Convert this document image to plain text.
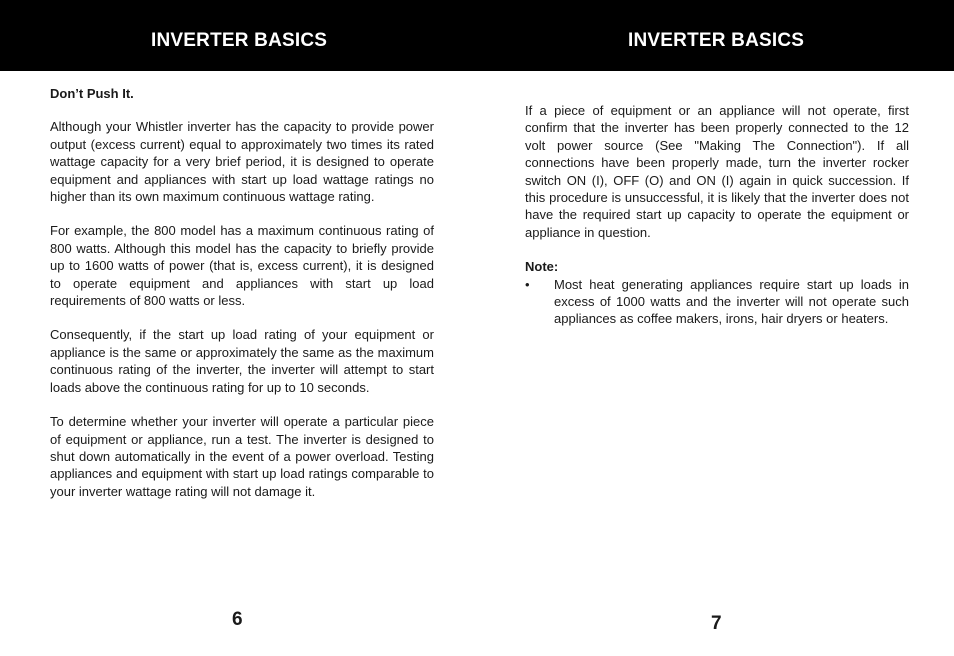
INVERTER BASICS	INVERTER BASICS
Don’t Push It.

Although your Whistler inverter has the capacity to provide power output (excess current) equal to approximately two times its rated wattage capacity for a very brief period, it is designed to operate equipment and appliances with start up load wattage ratings no higher than its own maximum continuous wattage rating.

For example, the 800 model has a maximum continuous rating of 800 watts. Although this model has the capacity to briefly provide up to 1600 watts of power (that is, excess current), it is designed to operate equipment and appliances with start up load requirements of 800 watts or less.

Consequently, if the start up load rating of your equipment or appliance is the same or approximately the same as the maximum continuous rating of the inverter, the inverter will attempt to start loads above the continuous rating for up to 10 seconds.

To determine whether your inverter will operate a particular piece of equipment or appliance, run a test. The inverter is designed to shut down automatically in the event of a power overload. Testing appliances and equipment with start up load ratings comparable to your inverter wattage rating will not damage it.

If a piece of equipment or an appliance will not operate, first confirm that the inverter has been properly connected to the 12 volt power source (See "Making The Connection"). If all connections have been properly made, turn the inverter rocker switch ON (I), OFF (O) and ON (I) again in quick succession. If this procedure is unsuccessful, it is likely that the inverter does not have the required start up capacity to operate the equipment or appliance in question.

Note:
•	Most heat generating appliances require start up loads in excess of 1000 watts and the inverter will not operate such appliances as coffee makers, irons, hair dryers or heaters.
6	7
